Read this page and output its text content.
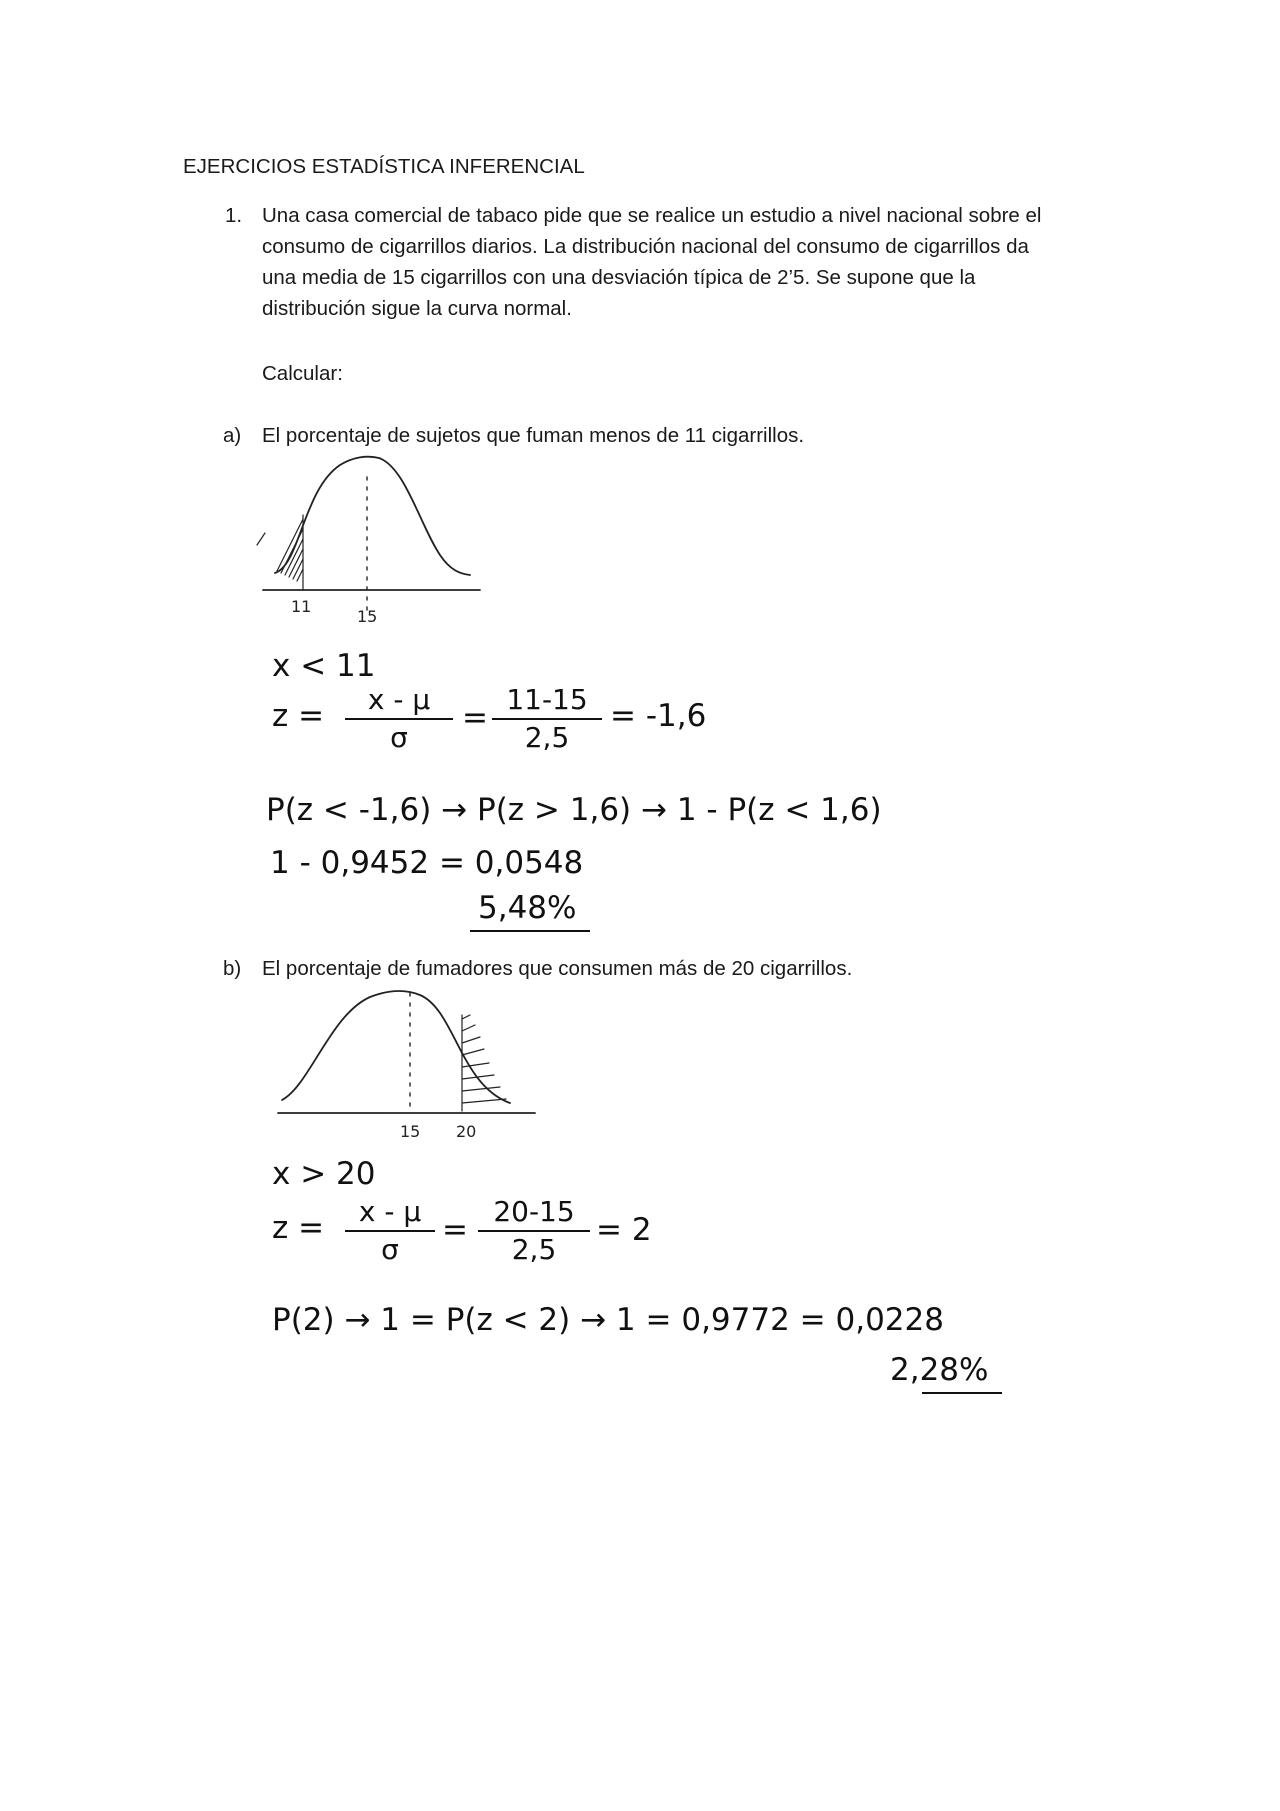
EJERCICIOS ESTADÍSTICA INFERENCIAL
1. Una casa comercial de tabaco pide que se realice un estudio a nivel nacional sobre el
consumo de cigarrillos diarios. La distribución nacional del consumo de cigarrillos da
una media de 15 cigarrillos con una desviación típica de 2’5. Se supone que la
distribución sigue la curva normal.
Calcular:
a) El porcentaje de sujetos que fuman menos de 11 cigarrillos.
11
15
x < 11
z =	x - μ
σ
=
11-15
2,5
= -1,6
P(z < -1,6) → P(z > 1,6) → 1 - P(z < 1,6)
1 - 0,9452 = 0,0548
5,48%
b) El porcentaje de fumadores que consumen más de 20 cigarrillos.
15 20
x > 20
z =	x - μ
σ
=
20-15
2,5
= 2
P(2) → 1 = P(z < 2) → 1 = 0,9772 = 0,0228
2,28%
